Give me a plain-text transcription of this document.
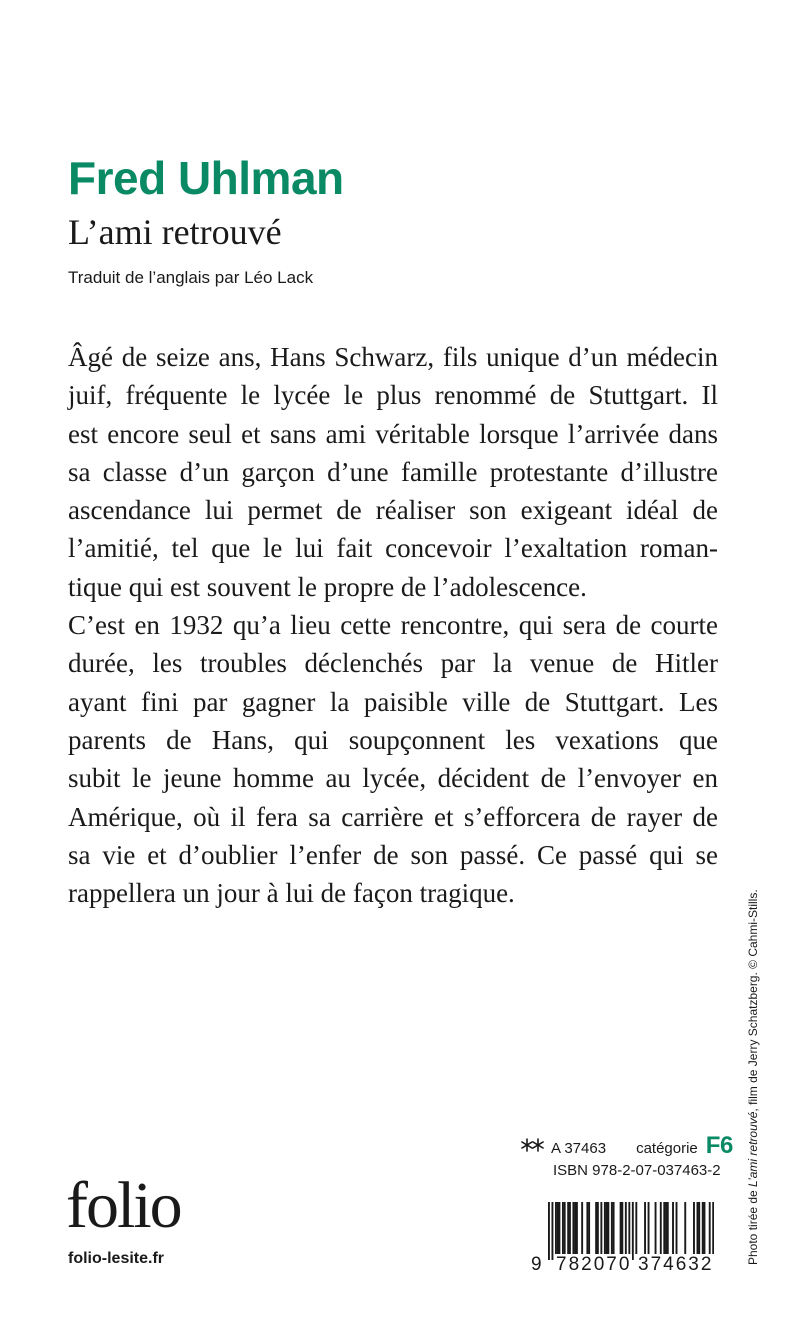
Fred Uhlman
L’ami retrouvé
Traduit de l’anglais par Léo Lack
Âgé de seize ans, Hans Schwarz, fils unique d’un médecin
juif, fréquente le lycée le plus renommé de Stuttgart. Il
est encore seul et sans ami véritable lorsque l’arrivée dans
sa classe d’un garçon d’une famille protestante d’illustre
ascendance lui permet de réaliser son exigeant idéal de
l’amitié, tel que le lui fait concevoir l’exaltation roman-
tique qui est souvent le propre de l’adolescence.
C’est en 1932 qu’a lieu cette rencontre, qui sera de courte
durée, les troubles déclenchés par la venue de Hitler
ayant fini par gagner la paisible ville de Stuttgart. Les
parents de Hans, qui soupçonnent les vexations que
subit le jeune homme au lycée, décident de l’envoyer en
Amérique, où il fera sa carrière et s’efforcera de rayer de
sa vie et d’oublier l’enfer de son passé. Ce passé qui se
rappellera un jour à lui de façon tragique.
Photo tirée de L’ami retrouvé, film de Jerry Schatzberg. © Cahmi-Stills.
A 37463 catégorie F6
ISBN 978-2-07-037463-2
folio
folio-lesite.fr	9 782070 374632
